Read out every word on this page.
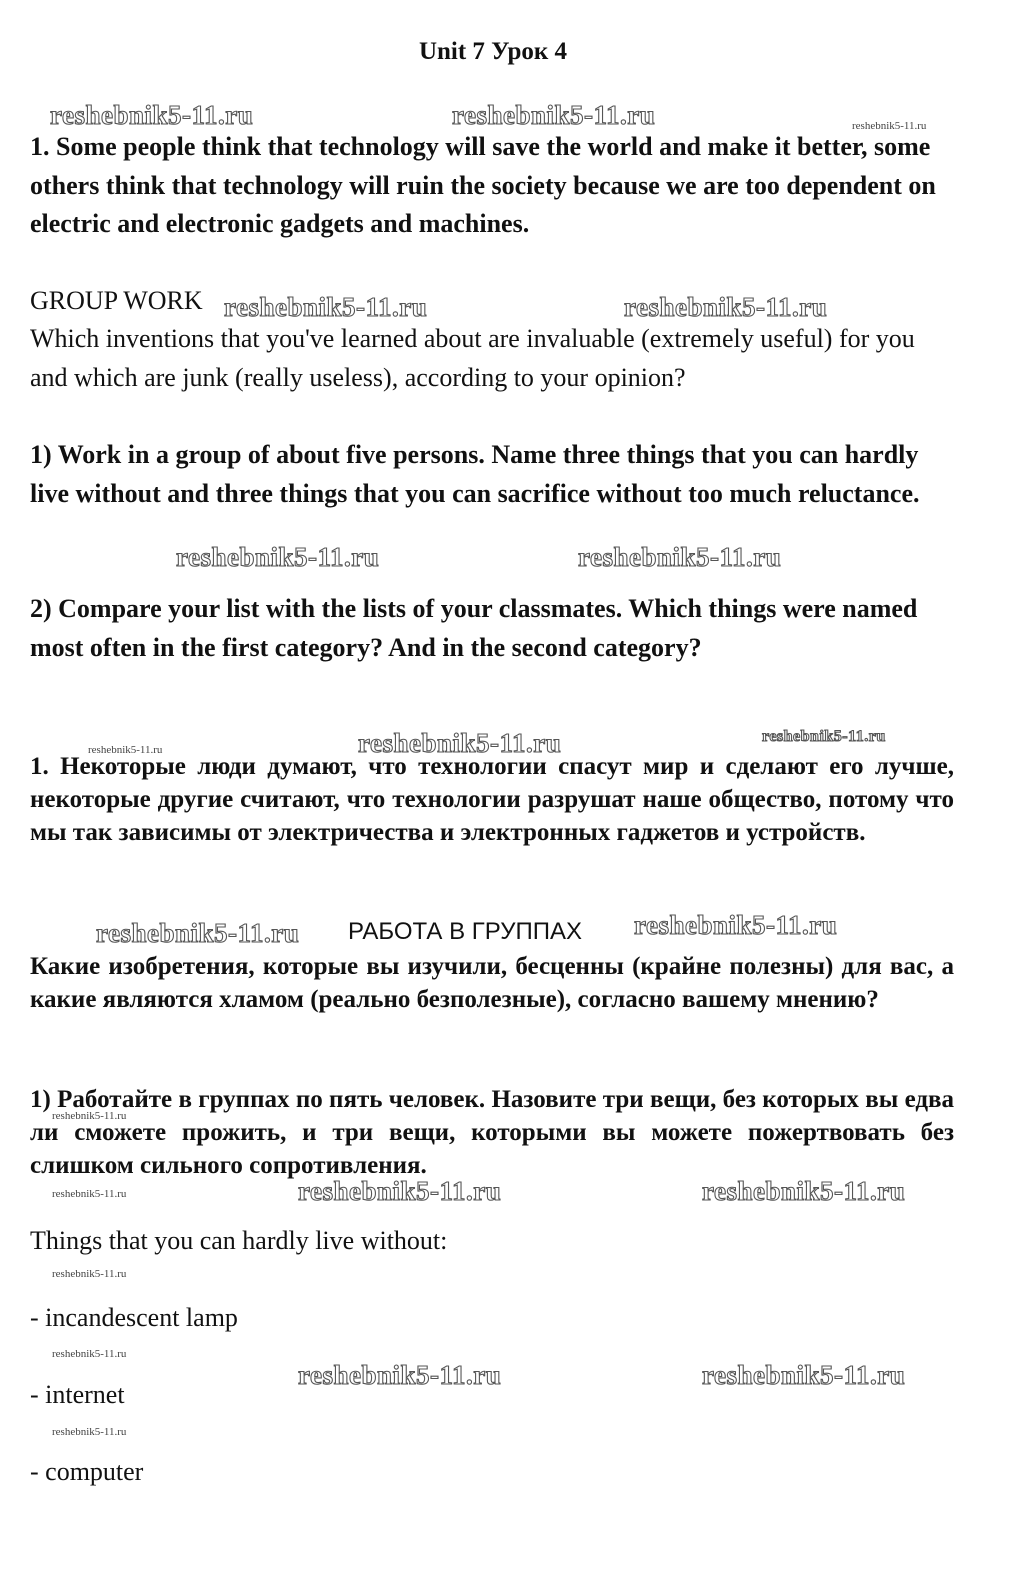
Unit 7 Урок 4
reshebnik5-11.ru	reshebnik5-11.ru	reshebnik5-11.ru
1. Some people think that technology will save the world and make it better, some others think that technology will ruin the society because we are too dependent on electric and electronic gadgets and machines.
GROUP WORK reshebnik5-11.ru	reshebnik5-11.ru
Which inventions that you've learned about are invaluable (extremely useful) for you and which are junk (really useless), according to your opinion?
1) Work in a group of about five persons. Name three things that you can hardly live without and three things that you can sacrifice without too much reluctance.
reshebnik5-11.ru	reshebnik5-11.ru
2) Compare your list with the lists of your classmates. Which things were named most often in the first category? And in the second category?
reshebnik5-11.ru	reshebnik5-11.ru	reshebnik5-11.ru
1. Некоторые люди думают, что технологии спасут мир и сделают его лучше, некоторые другие считают, что технологии разрушат наше общество, потому что мы так зависимы от электричества и электронных гаджетов и устройств.
reshebnik5-11.ru РАБОТА В ГРУППАХ reshebnik5-11.ru
Какие изобретения, которые вы изучили, бесценны (крайне полезны) для вас, а какие являются хламом (реально безполезные), согласно вашему мнению?
1) Работайте в группах по пять человек. Назовите три вещи, без которых вы едва ли сможете прожить, и три вещи, которыми вы можете пожертвовать без слишком сильного сопротивления.
reshebnik5-11.ru
reshebnik5-11.ru	reshebnik5-11.ru	reshebnik5-11.ru
Things that you can hardly live without:
reshebnik5-11.ru
- incandescent lamp
reshebnik5-11.ru
reshebnik5-11.ru	reshebnik5-11.ru
- internet
reshebnik5-11.ru
- computer
